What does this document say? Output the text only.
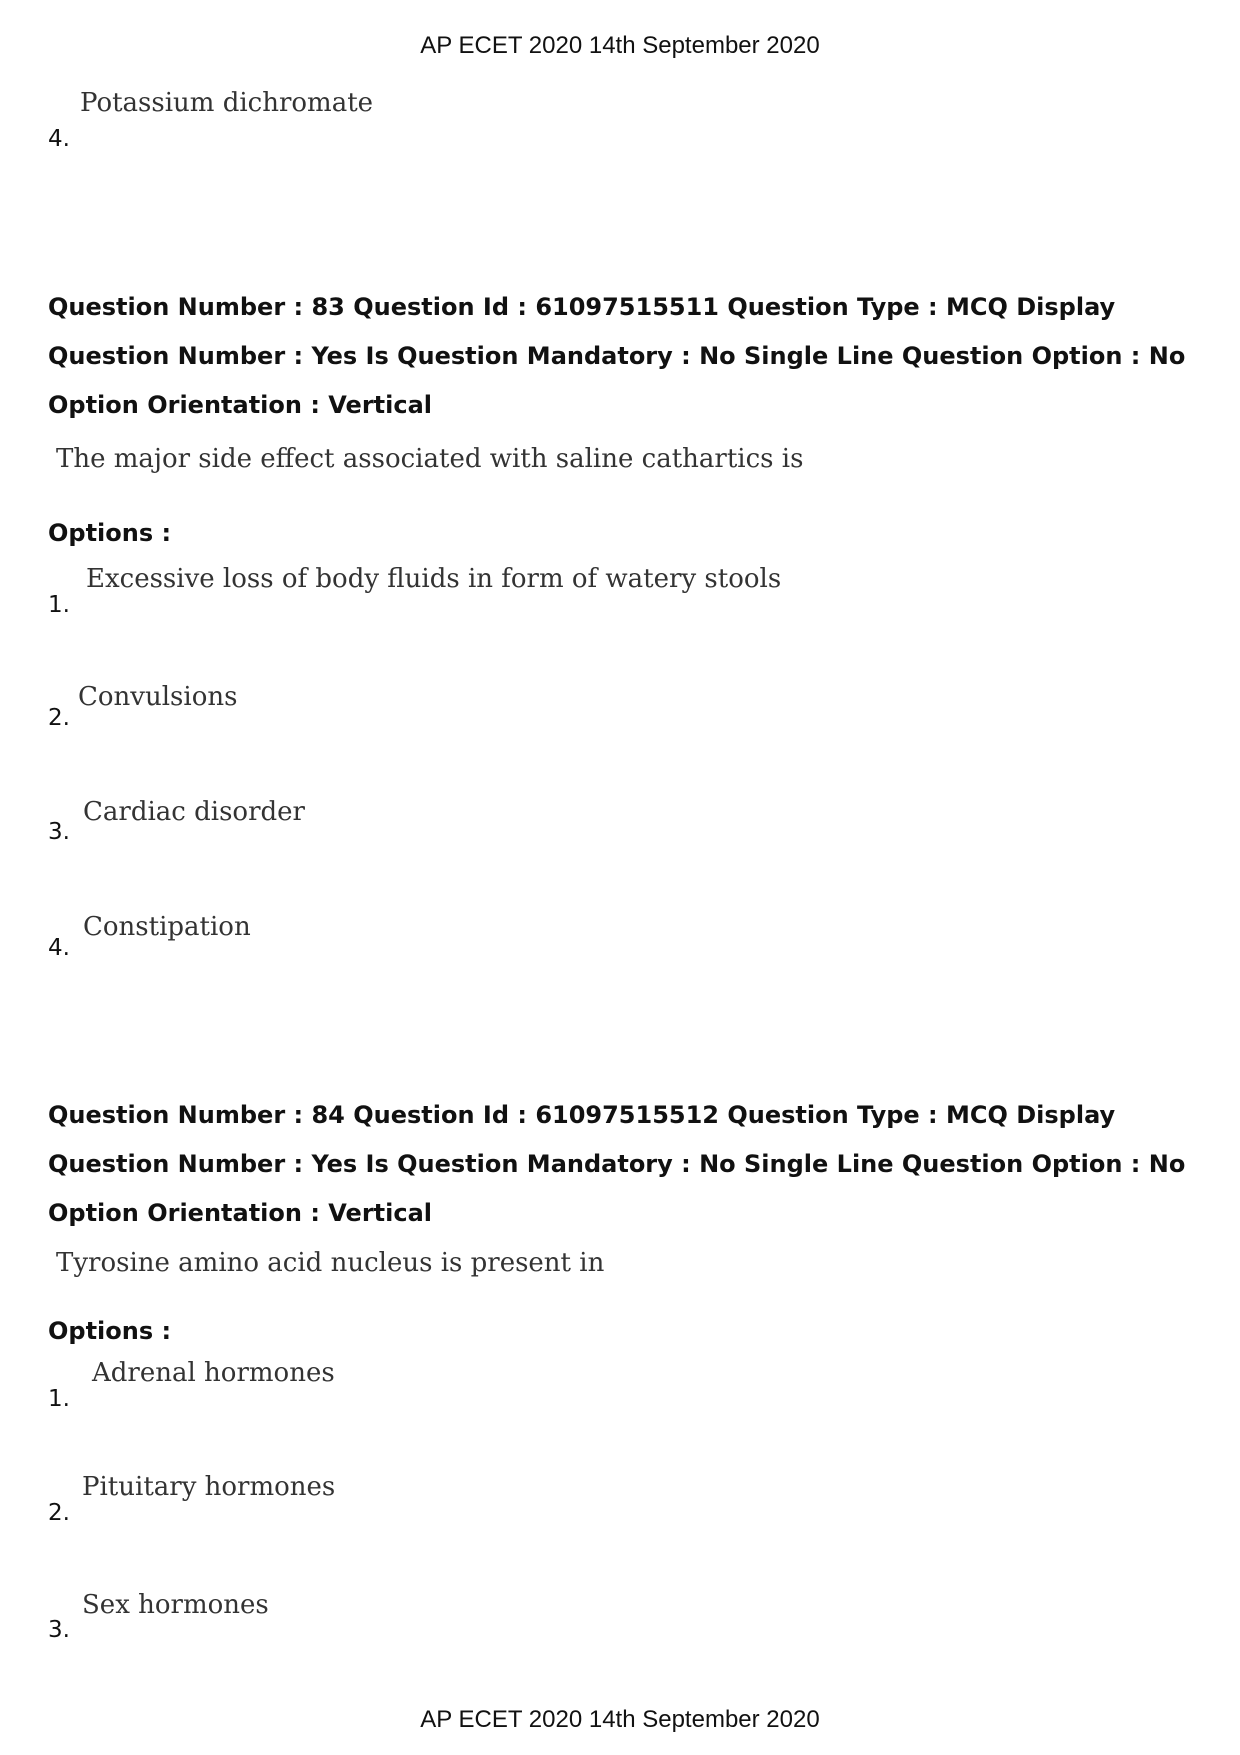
AP ECET 2020 14th September 2020
Potassium dichromate
4.
Question Number : 83 Question Id : 61097515511 Question Type : MCQ Display Question Number : Yes Is Question Mandatory : No Single Line Question Option : No Option Orientation : Vertical
The major side effect associated with saline cathartics is
Options :
Excessive loss of body fluids in form of watery stools
1.
Convulsions
2.
Cardiac disorder
3.
Constipation
4.
Question Number : 84 Question Id : 61097515512 Question Type : MCQ Display Question Number : Yes Is Question Mandatory : No Single Line Question Option : No Option Orientation : Vertical
Tyrosine amino acid nucleus is present in
Options :
Adrenal hormones
1.
Pituitary hormones
2.
Sex hormones
3.
AP ECET 2020 14th September 2020
